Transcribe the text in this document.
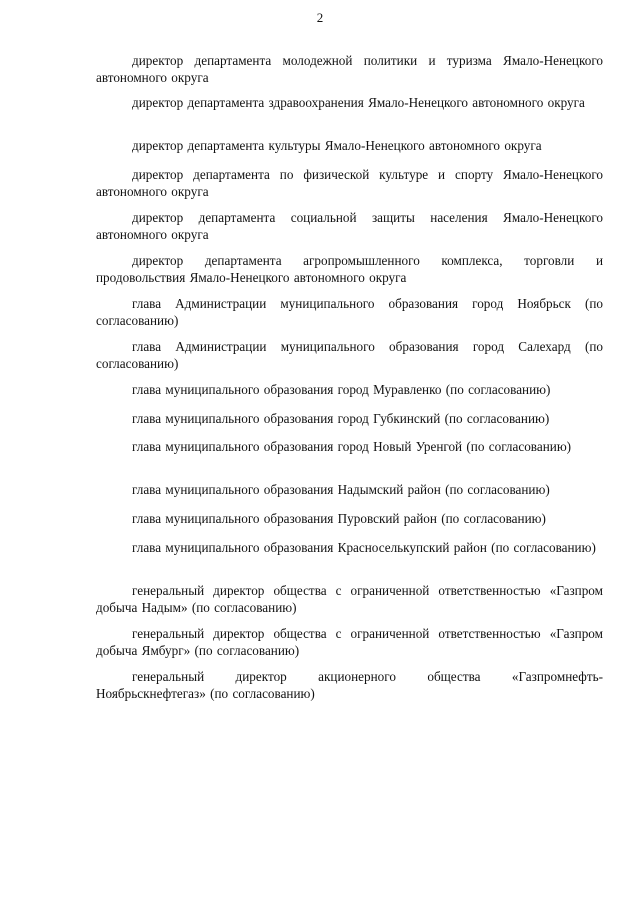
2

директор департамента молодежной политики и туризма Ямало-Ненецкого автономного округа

директор департамента здравоохранения Ямало-Ненецкого автономного округа

директор департамента культуры Ямало-Ненецкого автономного округа

директор департамента по физической культуре и спорту Ямало-Ненецкого автономного округа

директор департамента социальной защиты населения Ямало-Ненецкого автономного округа

директор департамента агропромышленного комплекса, торговли и продовольствия Ямало-Ненецкого автономного округа

глава Администрации муниципального образования город Ноябрьск (по согласованию)

глава Администрации муниципального образования город Салехард (по согласованию)

глава муниципального образования город Муравленко (по согласованию)

глава муниципального образования город Губкинский (по согласованию)

глава муниципального образования город Новый Уренгой (по согласованию)

глава муниципального образования Надымский район (по согласованию)

глава муниципального образования Пуровский район (по согласованию)

глава муниципального образования Красноселькупский район (по согласованию)

генеральный директор общества с ограниченной ответственностью «Газпром добыча Надым» (по согласованию)

генеральный директор общества с ограниченной ответственностью «Газпром добыча Ямбург» (по согласованию)

генеральный директор акционерного общества «Газпромнефть-Ноябрьскнефтегаз» (по согласованию)
